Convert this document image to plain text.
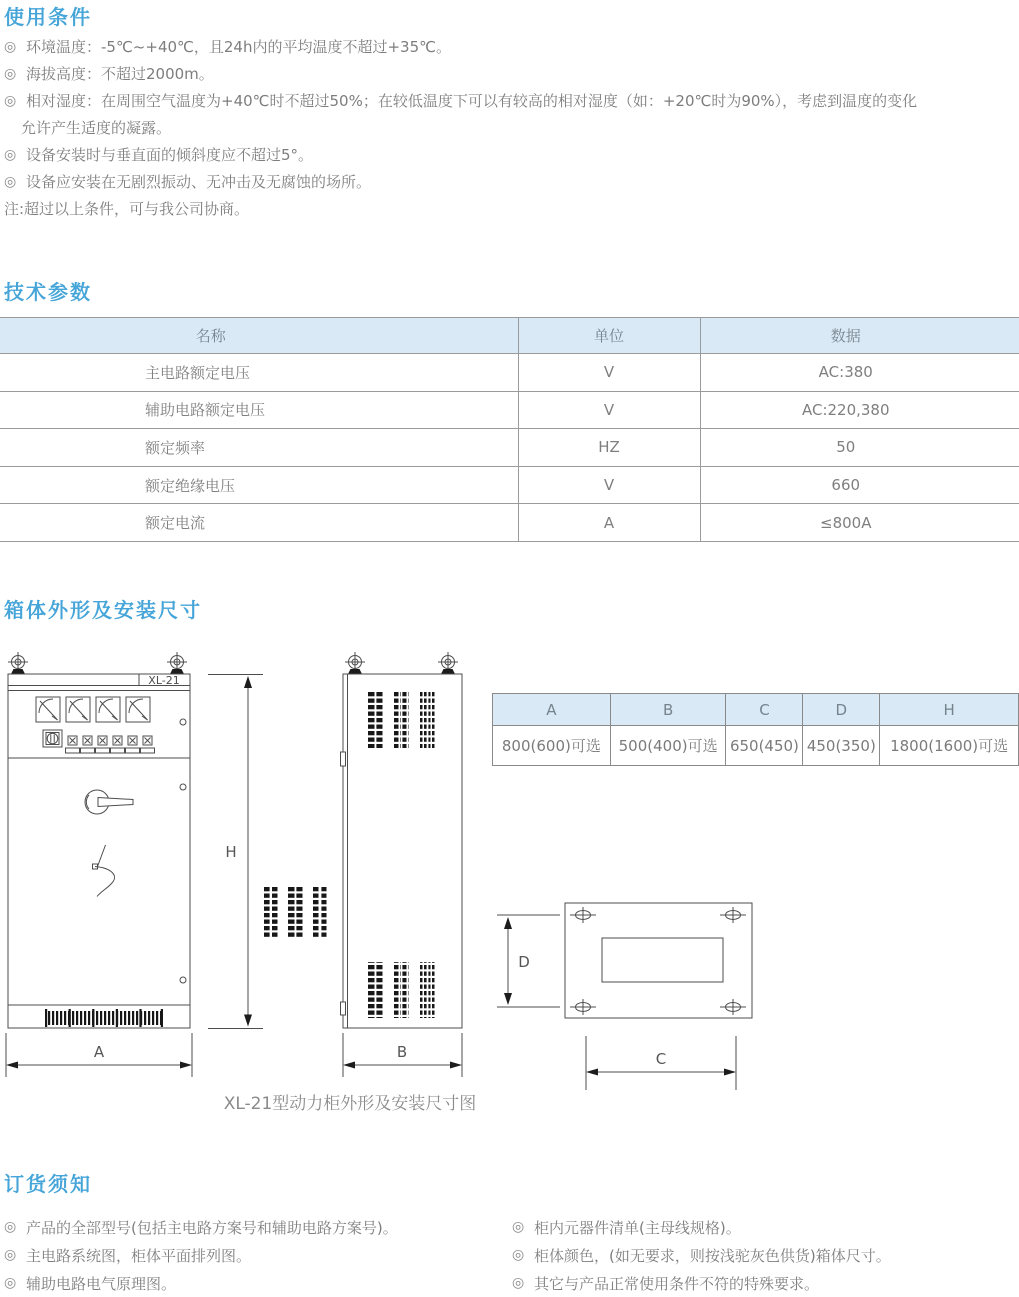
使用条件
◎ 环境温度：-5℃~+40℃，且24h内的平均温度不超过+35℃。
◎ 海拔高度：不超过2000m。
◎ 相对湿度：在周围空气温度为+40℃时不超过50%；在较低温度下可以有较高的相对湿度（如：+20℃时为90%），考虑到温度的变化
允许产生适度的凝露。
◎ 设备安装时与垂直面的倾斜度应不超过5°。
◎ 设备应安装在无剧烈振动、无冲击及无腐蚀的场所。
注:超过以上条件，可与我公司协商。
技术参数
名称	单位	数据
主电路额定电压	V	AC:380
辅助电路额定电压	V	AC:220,380
额定频率	HZ	50
额定绝缘电压	V	660
额定电流	A	≤800A
箱体外形及安装尺寸
XL-21
A
H
B
D
C
XL-21型动力柜外形及安装尺寸图
A	B	C	D	H
800(600)可选	500(400)可选	650(450)	450(350)	1800(1600)可选
订货须知
◎ 产品的全部型号(包括主电路方案号和辅助电路方案号)。
◎ 主电路系统图，柜体平面排列图。
◎ 辅助电路电气原理图。
◎ 柜内元器件清单(主母线规格)。
◎ 柜体颜色，(如无要求，则按浅驼灰色供货)箱体尺寸。
◎ 其它与产品正常使用条件不符的特殊要求。
